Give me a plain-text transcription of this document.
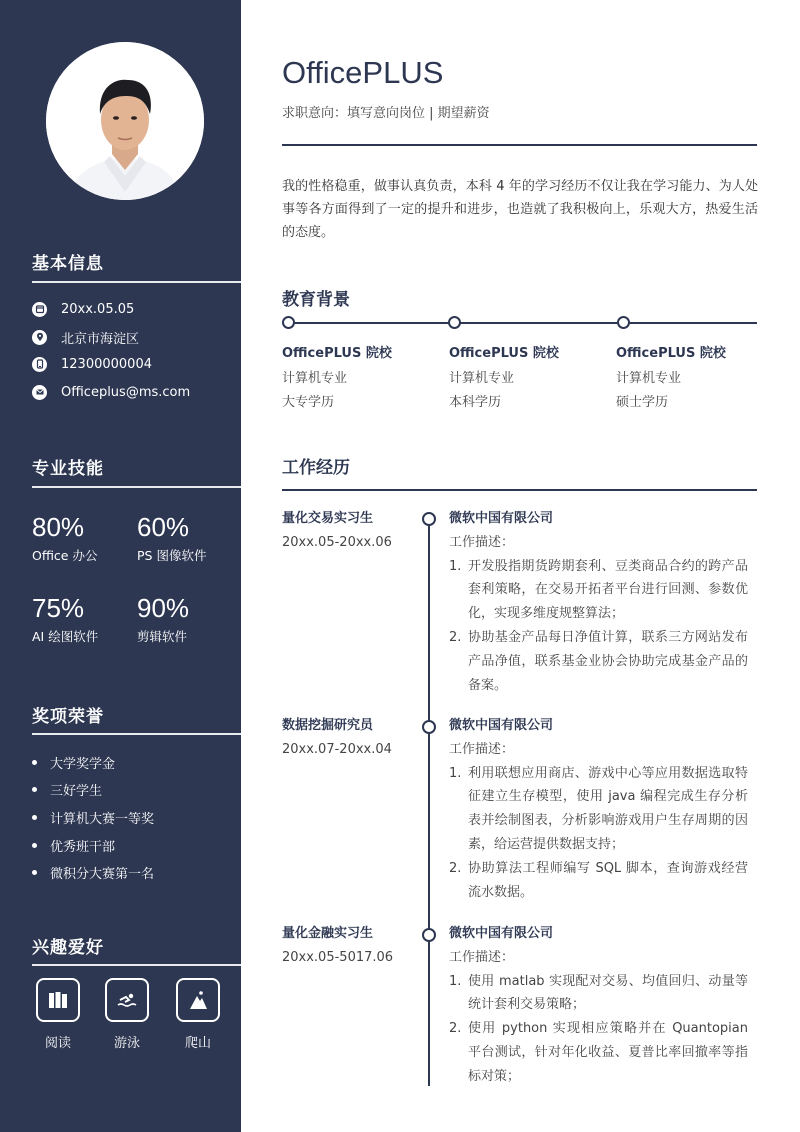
基本信息
20xx.05.05
北京市海淀区
12300000004
Officeplus@ms.com
专业技能
80%
Office 办公
60%
PS 图像软件
75%
AI 绘图软件
90%
剪辑软件
奖项荣誉
大学奖学金
三好学生
计算机大赛一等奖
优秀班干部
微积分大赛第一名
兴趣爱好
阅读	游泳	爬山
OfficePLUS
求职意向：填写意向岗位 | 期望薪资
我的性格稳重，做事认真负责，本科 4 年的学习经历不仅让我在学习能力、为人处事等各方面得到了一定的提升和进步，也造就了我积极向上，乐观大方，热爱生活的态度。
教育背景
OfficePLUS 院校
计算机专业
大专学历
OfficePLUS 院校
计算机专业
本科学历
OfficePLUS 院校
计算机专业
硕士学历
工作经历
量化交易实习生
20xx.05-20xx.06
微软中国有限公司
工作描述：
1. 开发股指期货跨期套利、豆类商品合约的跨产品套利策略，在交易开拓者平台进行回测、参数优化，实现多维度规整算法；
2. 协助基金产品每日净值计算，联系三方网站发布产品净值，联系基金业协会协助完成基金产品的备案。
数据挖掘研究员
20xx.07-20xx.04
微软中国有限公司
工作描述：
1. 利用联想应用商店、游戏中心等应用数据选取特征建立生存模型，使用 java 编程完成生存分析表并绘制图表，分析影响游戏用户生存周期的因素，给运营提供数据支持；
2. 协助算法工程师编写 SQL 脚本，查询游戏经营流水数据。
量化金融实习生
20xx.05-5017.06
微软中国有限公司
工作描述：
1. 使用 matlab 实现配对交易、均值回归、动量等统计套利交易策略；
2. 使用 python 实现相应策略并在 Quantopian 平台测试，针对年化收益、夏普比率回撤率等指标对策；
